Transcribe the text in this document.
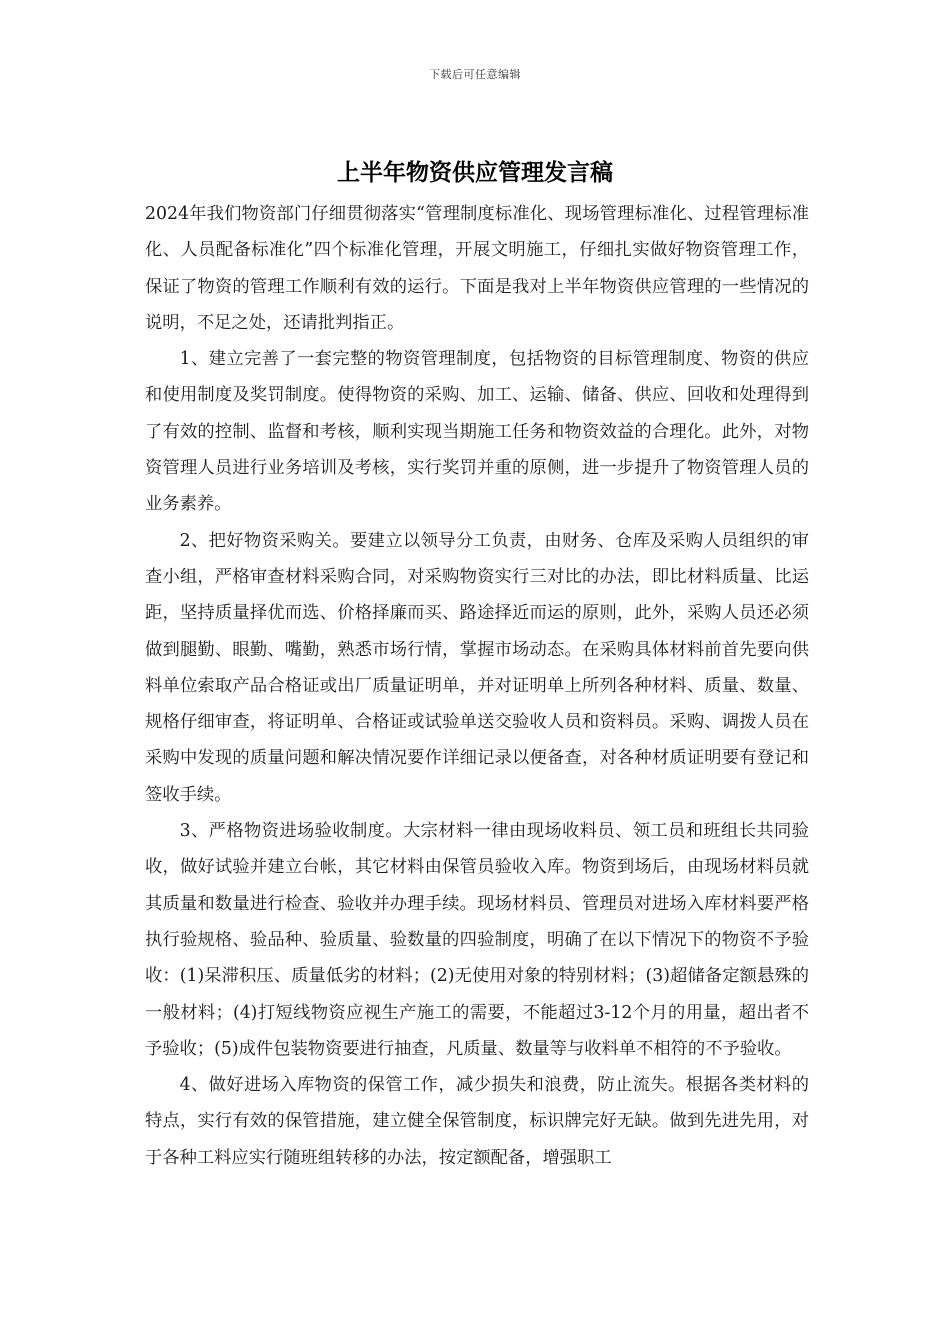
下载后可任意编辑
上半年物资供应管理发言稿

2024年我们物资部门仔细贯彻落实“管理制度标准化、现场管理标准化、过程管理标准化、人员配备标准化”四个标准化管理，开展文明施工，仔细扎实做好物资管理工作，保证了物资的管理工作顺利有效的运行。下面是我对上半年物资供应管理的一些情况的说明，不足之处，还请批判指正。

1、建立完善了一套完整的物资管理制度，包括物资的目标管理制度、物资的供应和使用制度及奖罚制度。使得物资的采购、加工、运输、储备、供应、回收和处理得到了有效的控制、监督和考核，顺利实现当期施工任务和物资效益的合理化。此外，对物资管理人员进行业务培训及考核，实行奖罚并重的原侧，进一步提升了物资管理人员的业务素养。

2、把好物资采购关。要建立以领导分工负责，由财务、仓库及采购人员组织的审查小组，严格审查材料采购合同，对采购物资实行三对比的办法，即比材料质量、比运距，坚持质量择优而选、价格择廉而买、路途择近而运的原则，此外，采购人员还必须做到腿勤、眼勤、嘴勤，熟悉市场行情，掌握市场动态。在采购具体材料前首先要向供料单位索取产品合格证或出厂质量证明单，并对证明单上所列各种材料、质量、数量、规格仔细审查，将证明单、合格证或试验单送交验收人员和资料员。采购、调拨人员在采购中发现的质量问题和解决情况要作详细记录以便备查，对各种材质证明要有登记和签收手续。

3、严格物资进场验收制度。大宗材料一律由现场收料员、领工员和班组长共同验收，做好试验并建立台帐，其它材料由保管员验收入库。物资到场后，由现场材料员就其质量和数量进行检查、验收并办理手续。现场材料员、管理员对进场入库材料要严格执行验规格、验品种、验质量、验数量的四验制度，明确了在以下情况下的物资不予验收：(1)呆滞积压、质量低劣的材料；(2)无使用对象的特别材料；(3)超储备定额悬殊的一般材料；(4)打短线物资应视生产施工的需要，不能超过3-12个月的用量，超出者不予验收；(5)成件包装物资要进行抽查，凡质量、数量等与收料单不相符的不予验收。

4、做好进场入库物资的保管工作，减少损失和浪费，防止流失。根据各类材料的特点，实行有效的保管措施，建立健全保管制度，标识牌完好无缺。做到先进先用，对于各种工料应实行随班组转移的办法，按定额配备，增强职工
